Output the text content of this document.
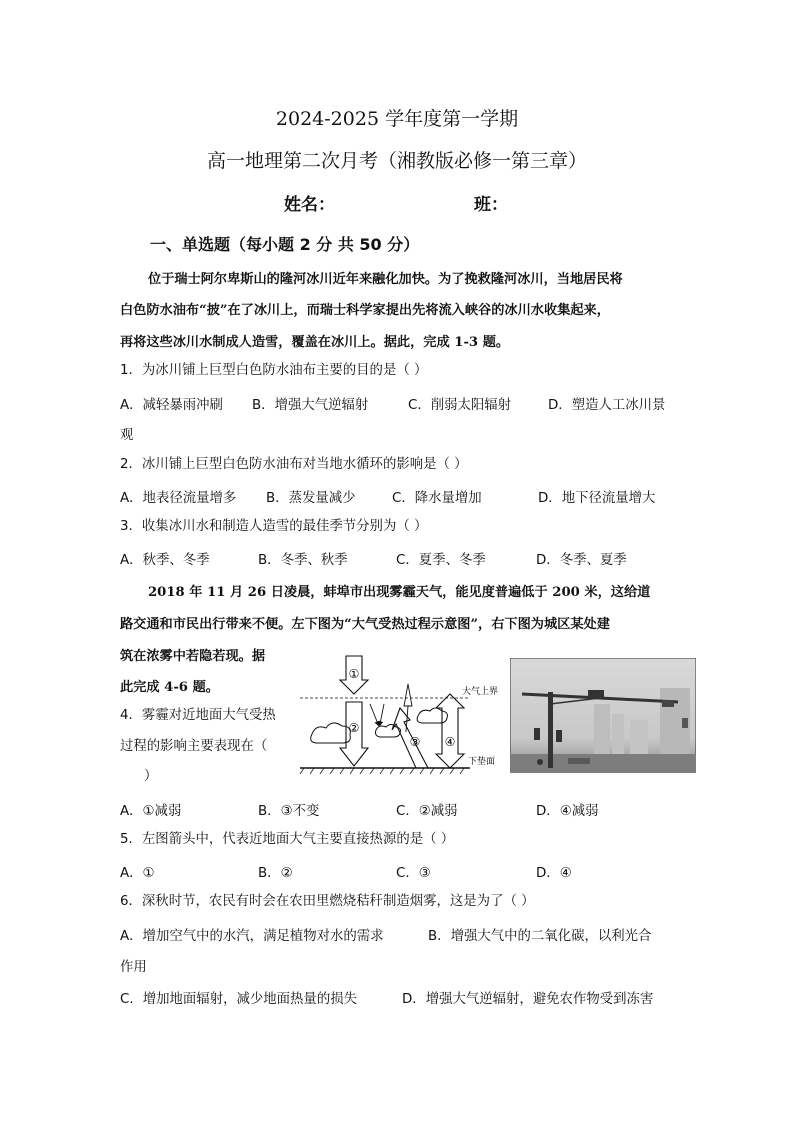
2024-2025 学年度第一学期
高一地理第二次月考（湘教版必修一第三章）
姓名：	班：
一、单选题（每小题 2 分 共 50 分）
位于瑞士阿尔卑斯山的隆河冰川近年来融化加快。为了挽救隆河冰川，当地居民将
白色防水油布“披”在了冰川上，而瑞士科学家提出先将流入峡谷的冰川水收集起来，
再将这些冰川水制成人造雪，覆盖在冰川上。据此，完成 1-3 题。
1．为冰川铺上巨型白色防水油布主要的目的是（ ）
A．减轻暴雨冲刷 B．增强大气逆辐射	C．削弱太阳辐射	D．塑造人工冰川景
观
2．冰川铺上巨型白色防水油布对当地水循环的影响是（ ）
A．地表径流量增多 B．蒸发量减少	C．降水量增加	D．地下径流量增大
3．收集冰川水和制造人造雪的最佳季节分别为（ ）
A．秋季、冬季	B．冬季、秋季	C．夏季、冬季	D．冬季、夏季
2018 年 11 月 26 日凌晨，蚌埠市出现雾霾天气，能见度普遍低于 200 米，这给道
路交通和市民出行带来不便。左下图为“大气受热过程示意图”，右下图为城区某处建
筑在浓雾中若隐若现。据
此完成 4-6 题。
①
②
③ ④
大气上界
下垫面
4．雾霾对近地面大气受热
过程的影响主要表现在（
）
A．①减弱	B．③不变	C．②减弱	D．④减弱
5．左图箭头中，代表近地面大气主要直接热源的是（ ）
A．①	B．②	C．③	D．④
6．深秋时节，农民有时会在农田里燃烧秸秆制造烟雾，这是为了（ ）
A．增加空气中的水汽，满足植物对水的需求	B．增强大气中的二氧化碳，以利光合
作用
C．增加地面辐射，减少地面热量的损失	D．增强大气逆辐射，避免农作物受到冻害
